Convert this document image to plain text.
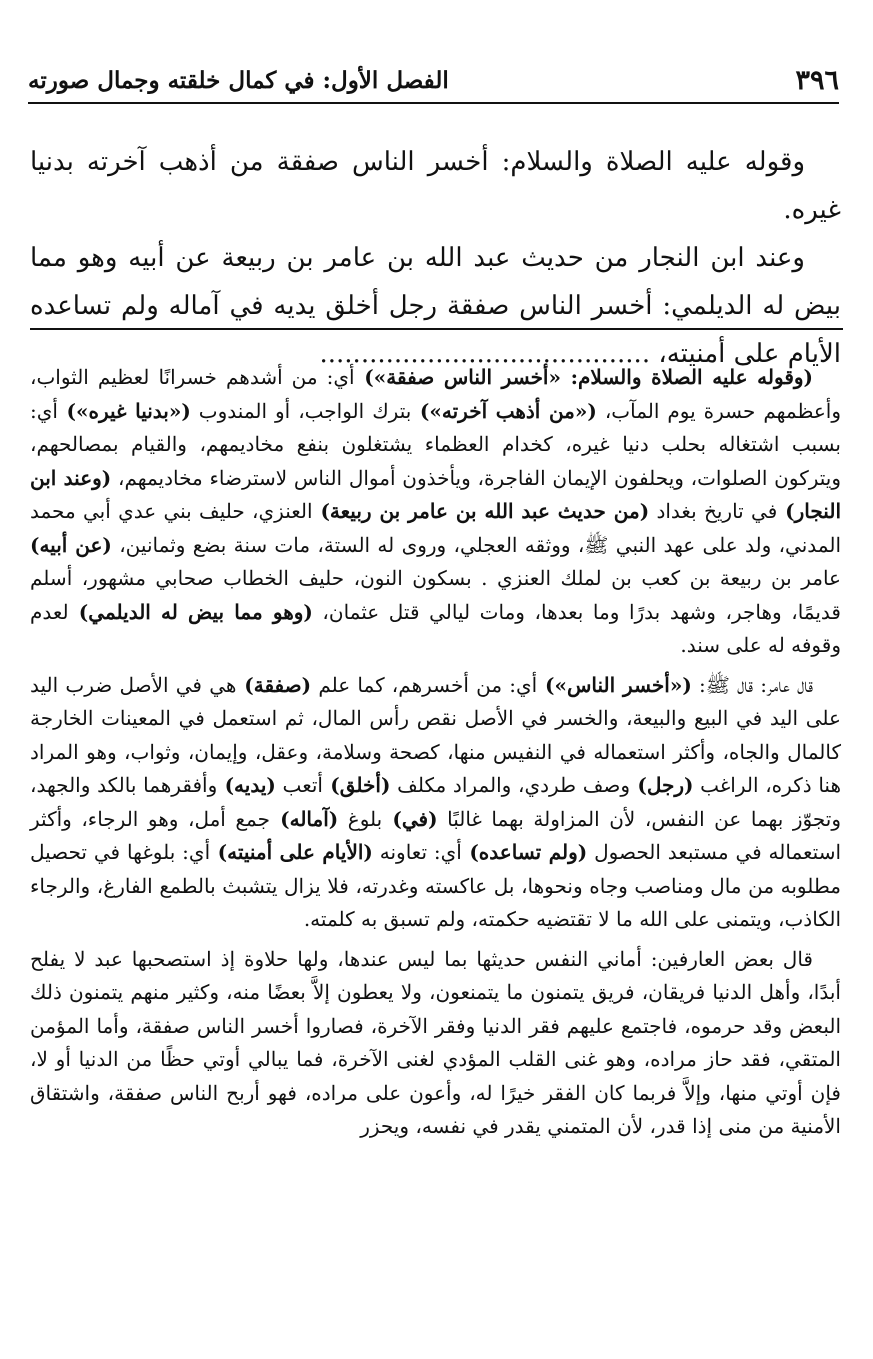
٣٩٦
الفصل الأول: في كمال خلقته وجمال صورته

وقوله عليه الصلاة والسلام: أخسر الناس صفقة من أذهب آخرته بدنيا غيره.

وعند ابن النجار من حديث عبد الله بن عامر بن ربيعة عن أبيه وهو مما بيض له الديلمي: أخسر الناس صفقة رجل أخلق يديه في آماله ولم تساعده الأيام على أمنيته، ........................................

(وقوله عليه الصلاة والسلام: «أخسر الناس صفقة») أي: من أشدهم خسرانًا لعظيم الثواب، وأعظمهم حسرة يوم المآب، («من أذهب آخرته») بترك الواجب، أو المندوب («بدنيا غيره») أي: بسبب اشتغاله بحلب دنيا غيره، كخدام العظماء يشتغلون بنفع مخاديمهم، والقيام بمصالحهم، ويتركون الصلوات، ويحلفون الإيمان الفاجرة، ويأخذون أموال الناس لاسترضاء مخاديمهم، (وعند ابن النجار) في تاريخ بغداد (من حديث عبد الله بن عامر بن ربيعة) العنزي، حليف بني عدي أبي محمد المدني، ولد على عهد النبي ﷺ، ووثقه العجلي، وروى له الستة، مات سنة بضع وثمانين، (عن أبيه) عامر بن ربيعة بن كعب بن لملك العنزي . بسكون النون، حليف الخطاب صحابي مشهور، أسلم قديمًا، وهاجر، وشهد بدرًا وما بعدها، ومات ليالي قتل عثمان، (وهو مما بيض له الديلمي) لعدم وقوفه له على سند.

قال عامر: قال ﷺ: («أخسر الناس») أي: من أخسرهم، كما علم (صفقة) هي في الأصل ضرب اليد على اليد في البيع والبيعة، والخسر في الأصل نقص رأس المال، ثم استعمل في المعينات الخارجة كالمال والجاه، وأكثر استعماله في النفيس منها، كصحة وسلامة، وعقل، وإيمان، وثواب، وهو المراد هنا ذكره، الراغب (رجل) وصف طردي، والمراد مكلف (أخلق) أتعب (يديه) وأفقرهما بالكد والجهد، وتجوّز بهما عن النفس، لأن المزاولة بهما غالبًا (في) بلوغ (آماله) جمع أمل، وهو الرجاء، وأكثر استعماله في مستبعد الحصول (ولم تساعده) أي: تعاونه (الأيام على أمنيته) أي: بلوغها في تحصيل مطلوبه من مال ومناصب وجاه ونحوها، بل عاكسته وغدرته، فلا يزال يتشبث بالطمع الفارغ، والرجاء الكاذب، ويتمنى على الله ما لا تقتضيه حكمته، ولم تسبق به كلمته.

قال بعض العارفين: أماني النفس حديثها بما ليس عندها، ولها حلاوة إذ استصحبها عبد لا يفلح أبدًا، وأهل الدنيا فريقان، فريق يتمنون ما يتمنعون، ولا يعطون إلاَّ بعضًا منه، وكثير منهم يتمنون ذلك البعض وقد حرموه، فاجتمع عليهم فقر الدنيا وفقر الآخرة، فصاروا أخسر الناس صفقة، وأما المؤمن المتقي، فقد حاز مراده، وهو غنى القلب المؤدي لغنى الآخرة، فما يبالي أوتي حظًا من الدنيا أو لا، فإن أوتي منها، وإلاَّ فربما كان الفقر خيرًا له، وأعون على مراده، فهو أربح الناس صفقة، واشتقاق الأمنية من منى إذا قدر، لأن المتمني يقدر في نفسه، ويحزر
